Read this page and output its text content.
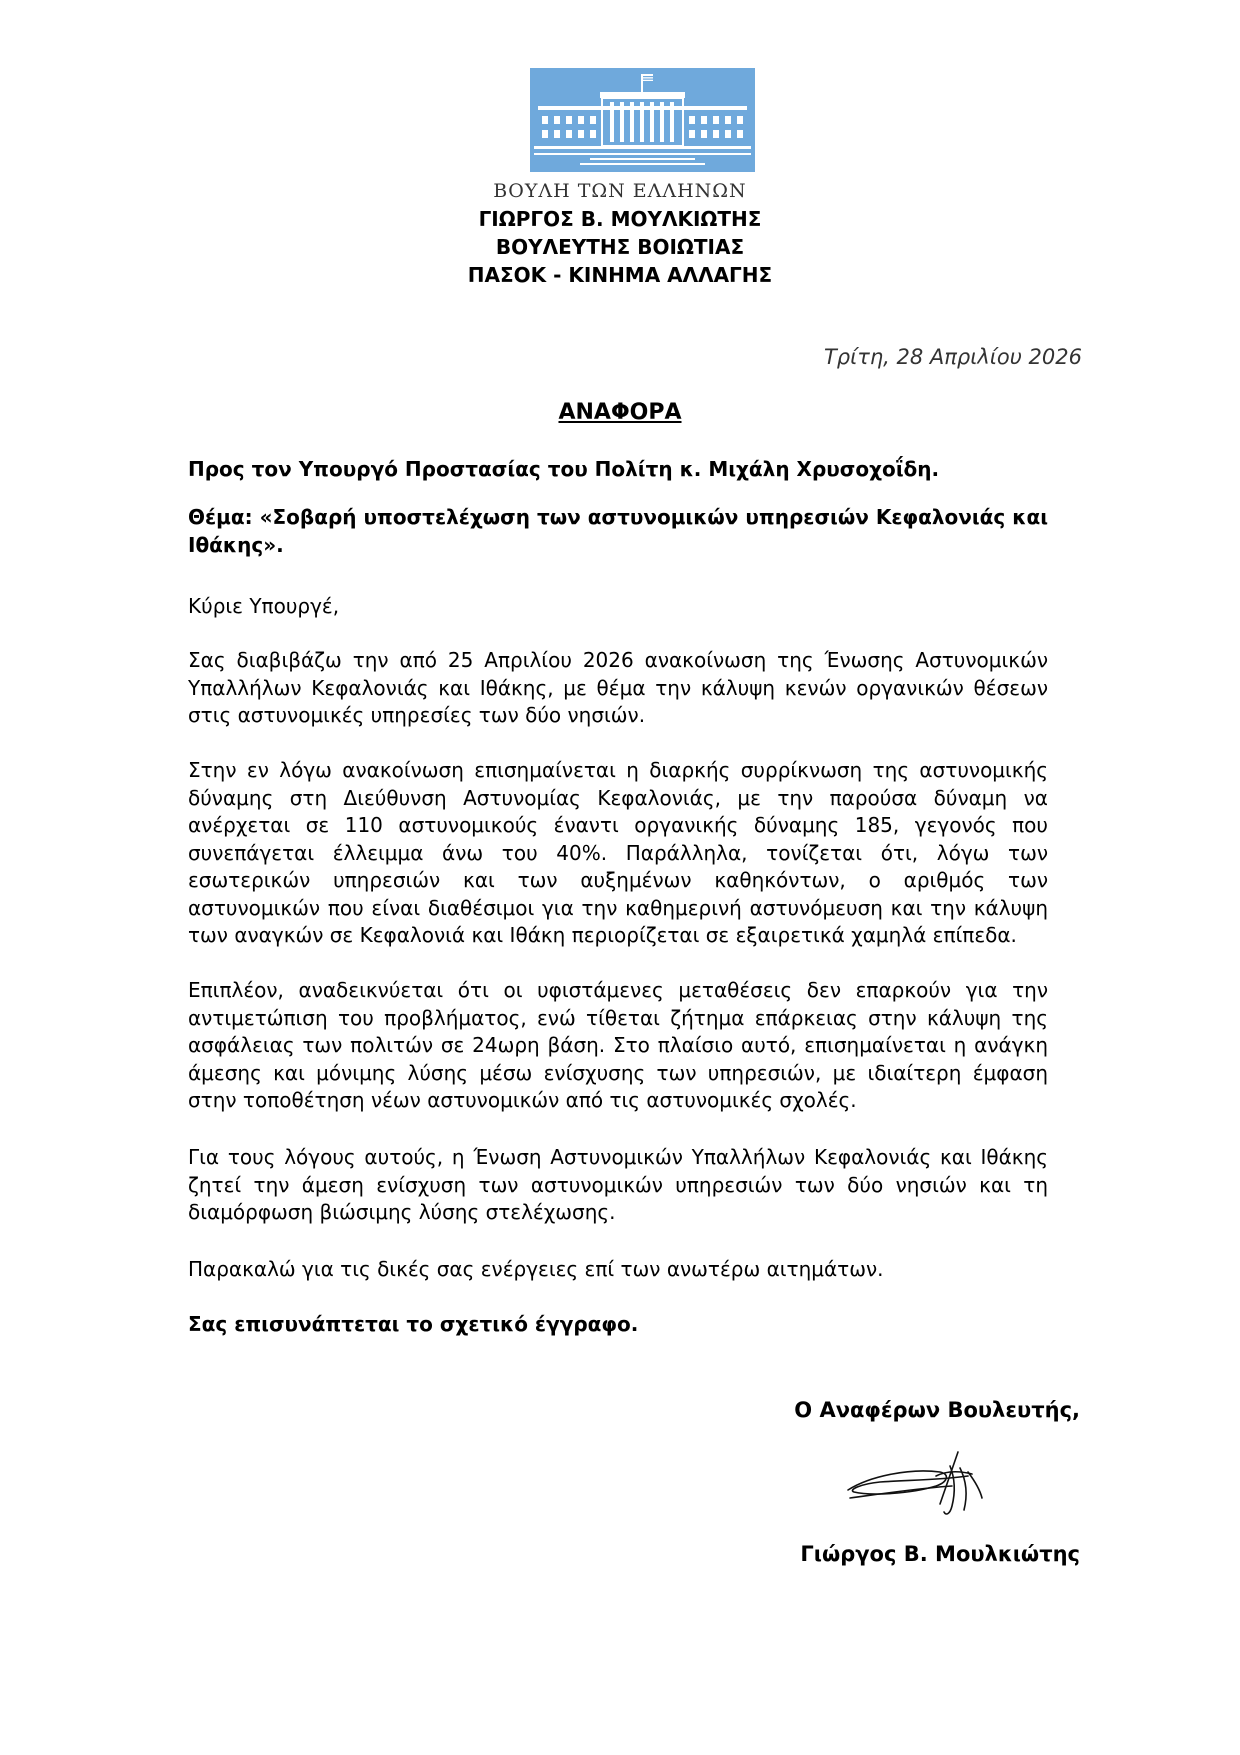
ΒΟΥΛΗ ΤΩΝ ΕΛΛΗΝΩΝ
ΓΙΩΡΓΟΣ Β. ΜΟΥΛΚΙΩΤΗΣ
ΒΟΥΛΕΥΤΗΣ ΒΟΙΩΤΙΑΣ
ΠΑΣΟΚ - ΚΙΝΗΜΑ ΑΛΛΑΓΗΣ
Τρίτη, 28 Απριλίου 2026
ΑΝΑΦΟΡΑ
Προς τον Υπουργό Προστασίας του Πολίτη κ. Μιχάλη Χρυσοχοΐδη.
Θέμα: «Σοβαρή υποστελέχωση των αστυνομικών υπηρεσιών Κεφαλονιάς και Ιθάκης».
Κύριε Υπουργέ,
Σας διαβιβάζω την από 25 Απριλίου 2026 ανακοίνωση της Ένωσης Αστυνομικών Υπαλλήλων Κεφαλονιάς και Ιθάκης, με θέμα την κάλυψη κενών οργανικών θέσεων στις αστυνομικές υπηρεσίες των δύο νησιών.
Στην εν λόγω ανακοίνωση επισημαίνεται η διαρκής συρρίκνωση της αστυνομικής δύναμης στη Διεύθυνση Αστυνομίας Κεφαλονιάς, με την παρούσα δύναμη να ανέρχεται σε 110 αστυνομικούς έναντι οργανικής δύναμης 185, γεγονός που συνεπάγεται έλλειμμα άνω του 40%. Παράλληλα, τονίζεται ότι, λόγω των εσωτερικών υπηρεσιών και των αυξημένων καθηκόντων, ο αριθμός των αστυνομικών που είναι διαθέσιμοι για την καθημερινή αστυνόμευση και την κάλυψη των αναγκών σε Κεφαλονιά και Ιθάκη περιορίζεται σε εξαιρετικά χαμηλά επίπεδα.
Επιπλέον, αναδεικνύεται ότι οι υφιστάμενες μεταθέσεις δεν επαρκούν για την αντιμετώπιση του προβλήματος, ενώ τίθεται ζήτημα επάρκειας στην κάλυψη της ασφάλειας των πολιτών σε 24ωρη βάση. Στο πλαίσιο αυτό, επισημαίνεται η ανάγκη άμεσης και μόνιμης λύσης μέσω ενίσχυσης των υπηρεσιών, με ιδιαίτερη έμφαση στην τοποθέτηση νέων αστυνομικών από τις αστυνομικές σχολές.
Για τους λόγους αυτούς, η Ένωση Αστυνομικών Υπαλλήλων Κεφαλονιάς και Ιθάκης ζητεί την άμεση ενίσχυση των αστυνομικών υπηρεσιών των δύο νησιών και τη διαμόρφωση βιώσιμης λύσης στελέχωσης.
Παρακαλώ για τις δικές σας ενέργειες επί των ανωτέρω αιτημάτων.
Σας επισυνάπτεται το σχετικό έγγραφο.
Ο Αναφέρων Βουλευτής,
Γιώργος Β. Μουλκιώτης
